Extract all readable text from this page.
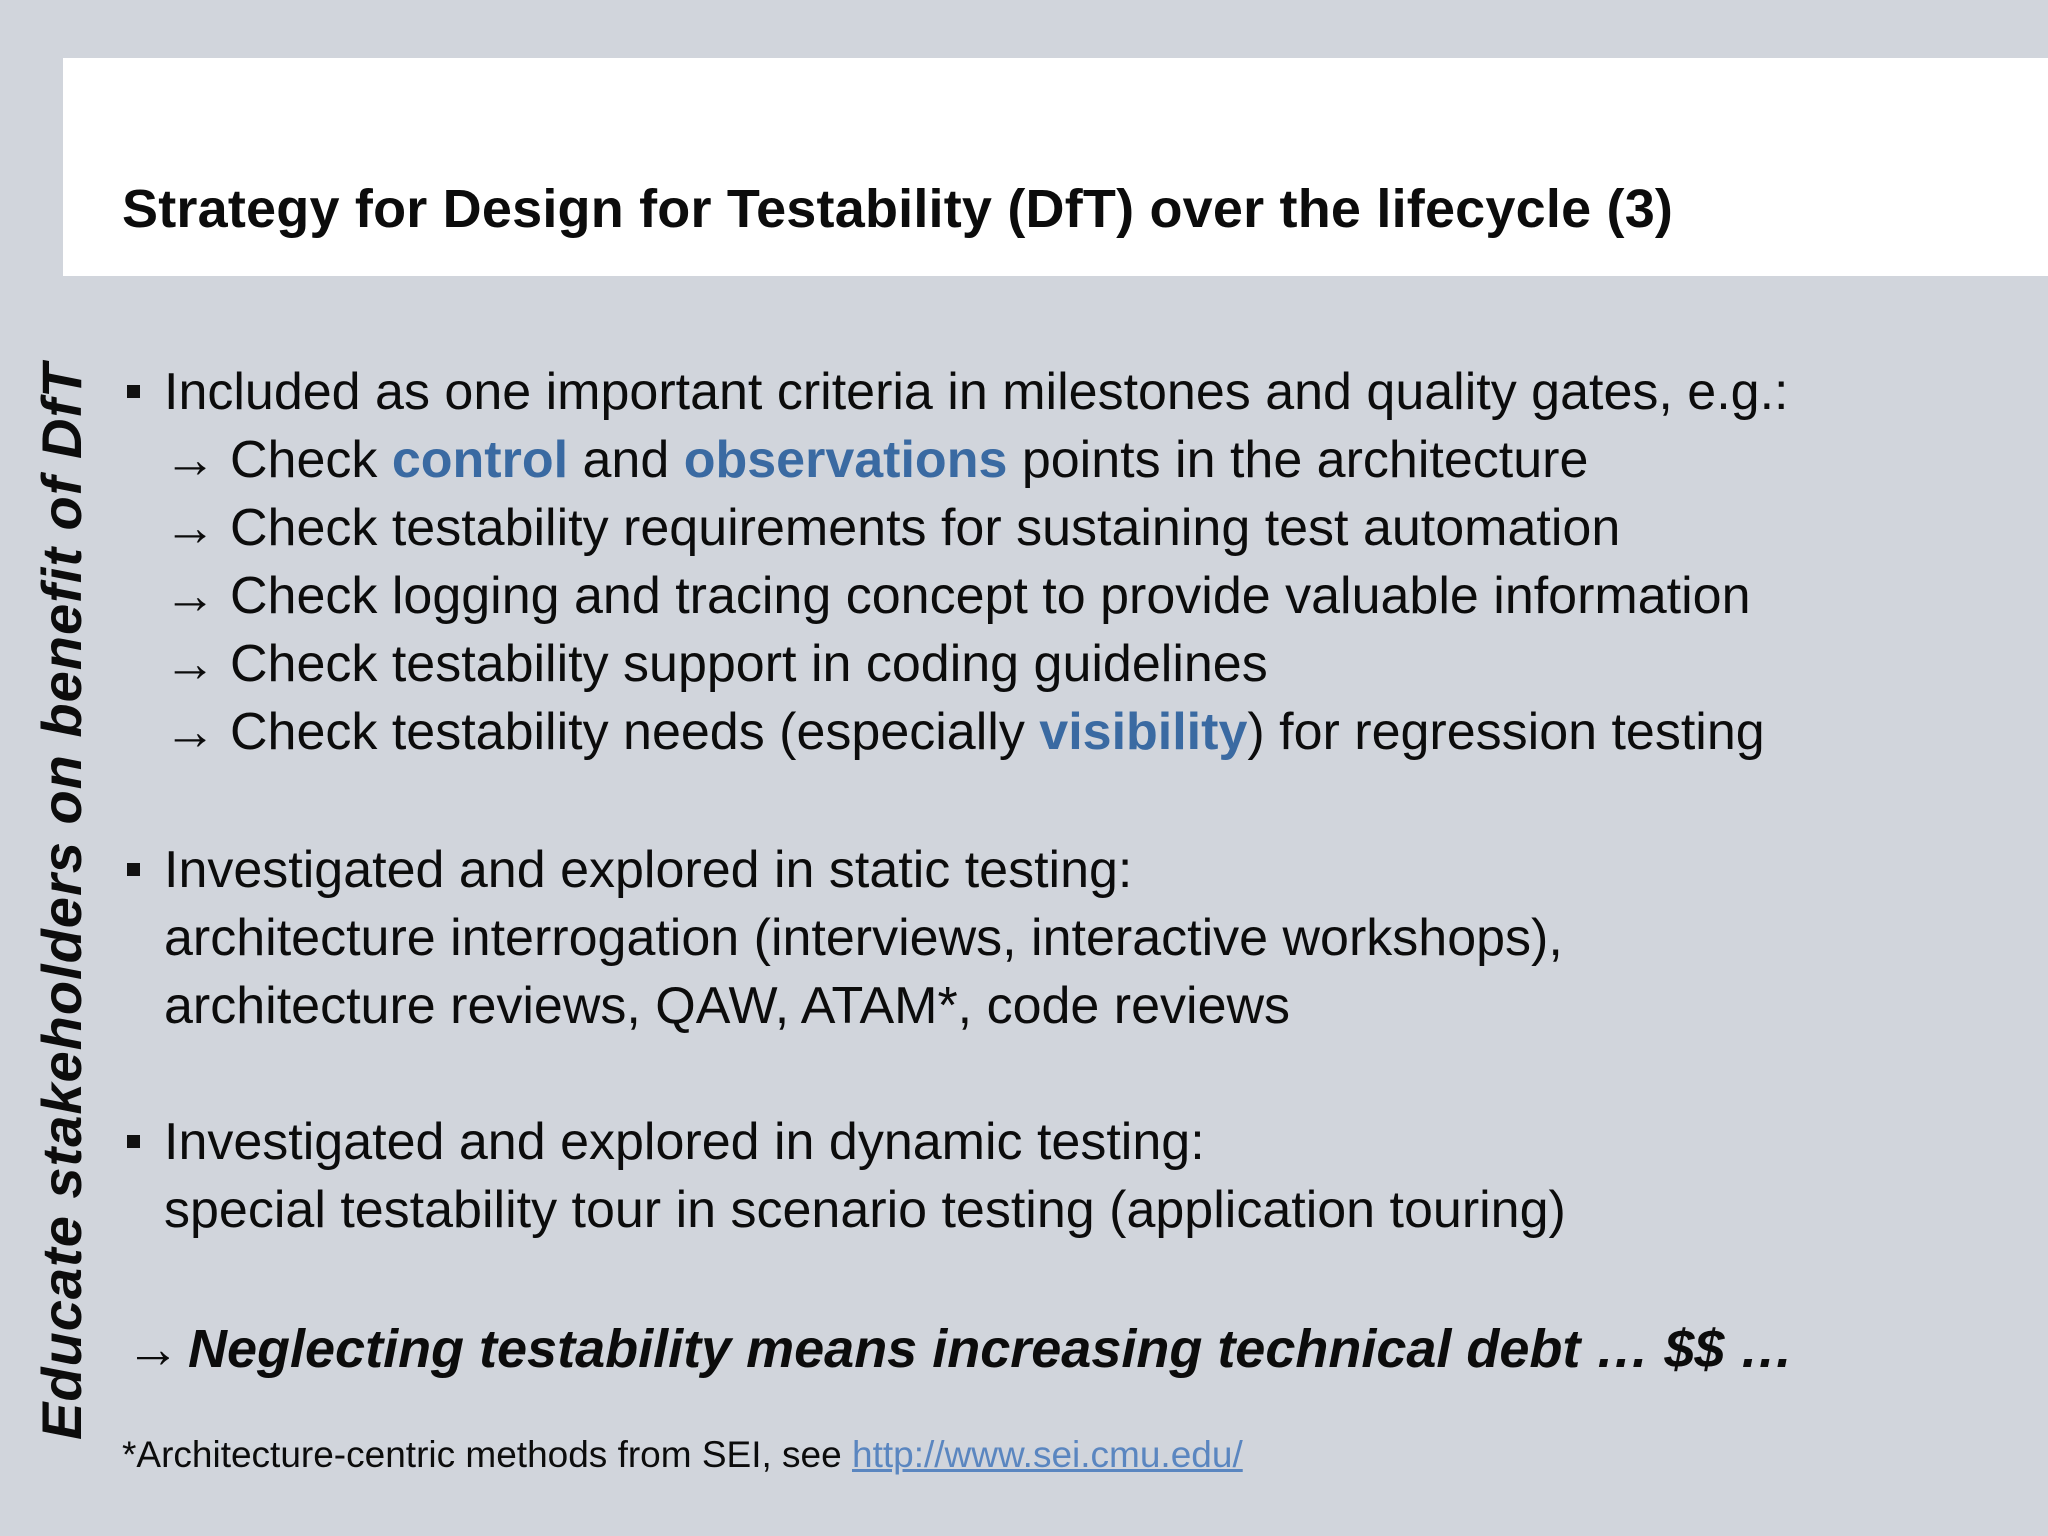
Strategy for Design for Testability (DfT) over the lifecycle (3)
Educate stakeholders on benefit of DfT Included as one important criteria in milestones and quality gates, e.g.:
→ Check control and observations points in the architecture
→ Check testability requirements for sustaining test automation
→ Check logging and tracing concept to provide valuable information
→ Check testability support in coding guidelines
→ Check testability needs (especially visibility) for regression testing
Investigated and explored in static testing:
architecture interrogation (interviews, interactive workshops),
architecture reviews, QAW, ATAM*, code reviews
Investigated and explored in dynamic testing:
special testability tour in scenario testing (application touring)
→ Neglecting testability means increasing technical debt … $$ …
*Architecture-centric methods from SEI, see http://www.sei.cmu.edu/
